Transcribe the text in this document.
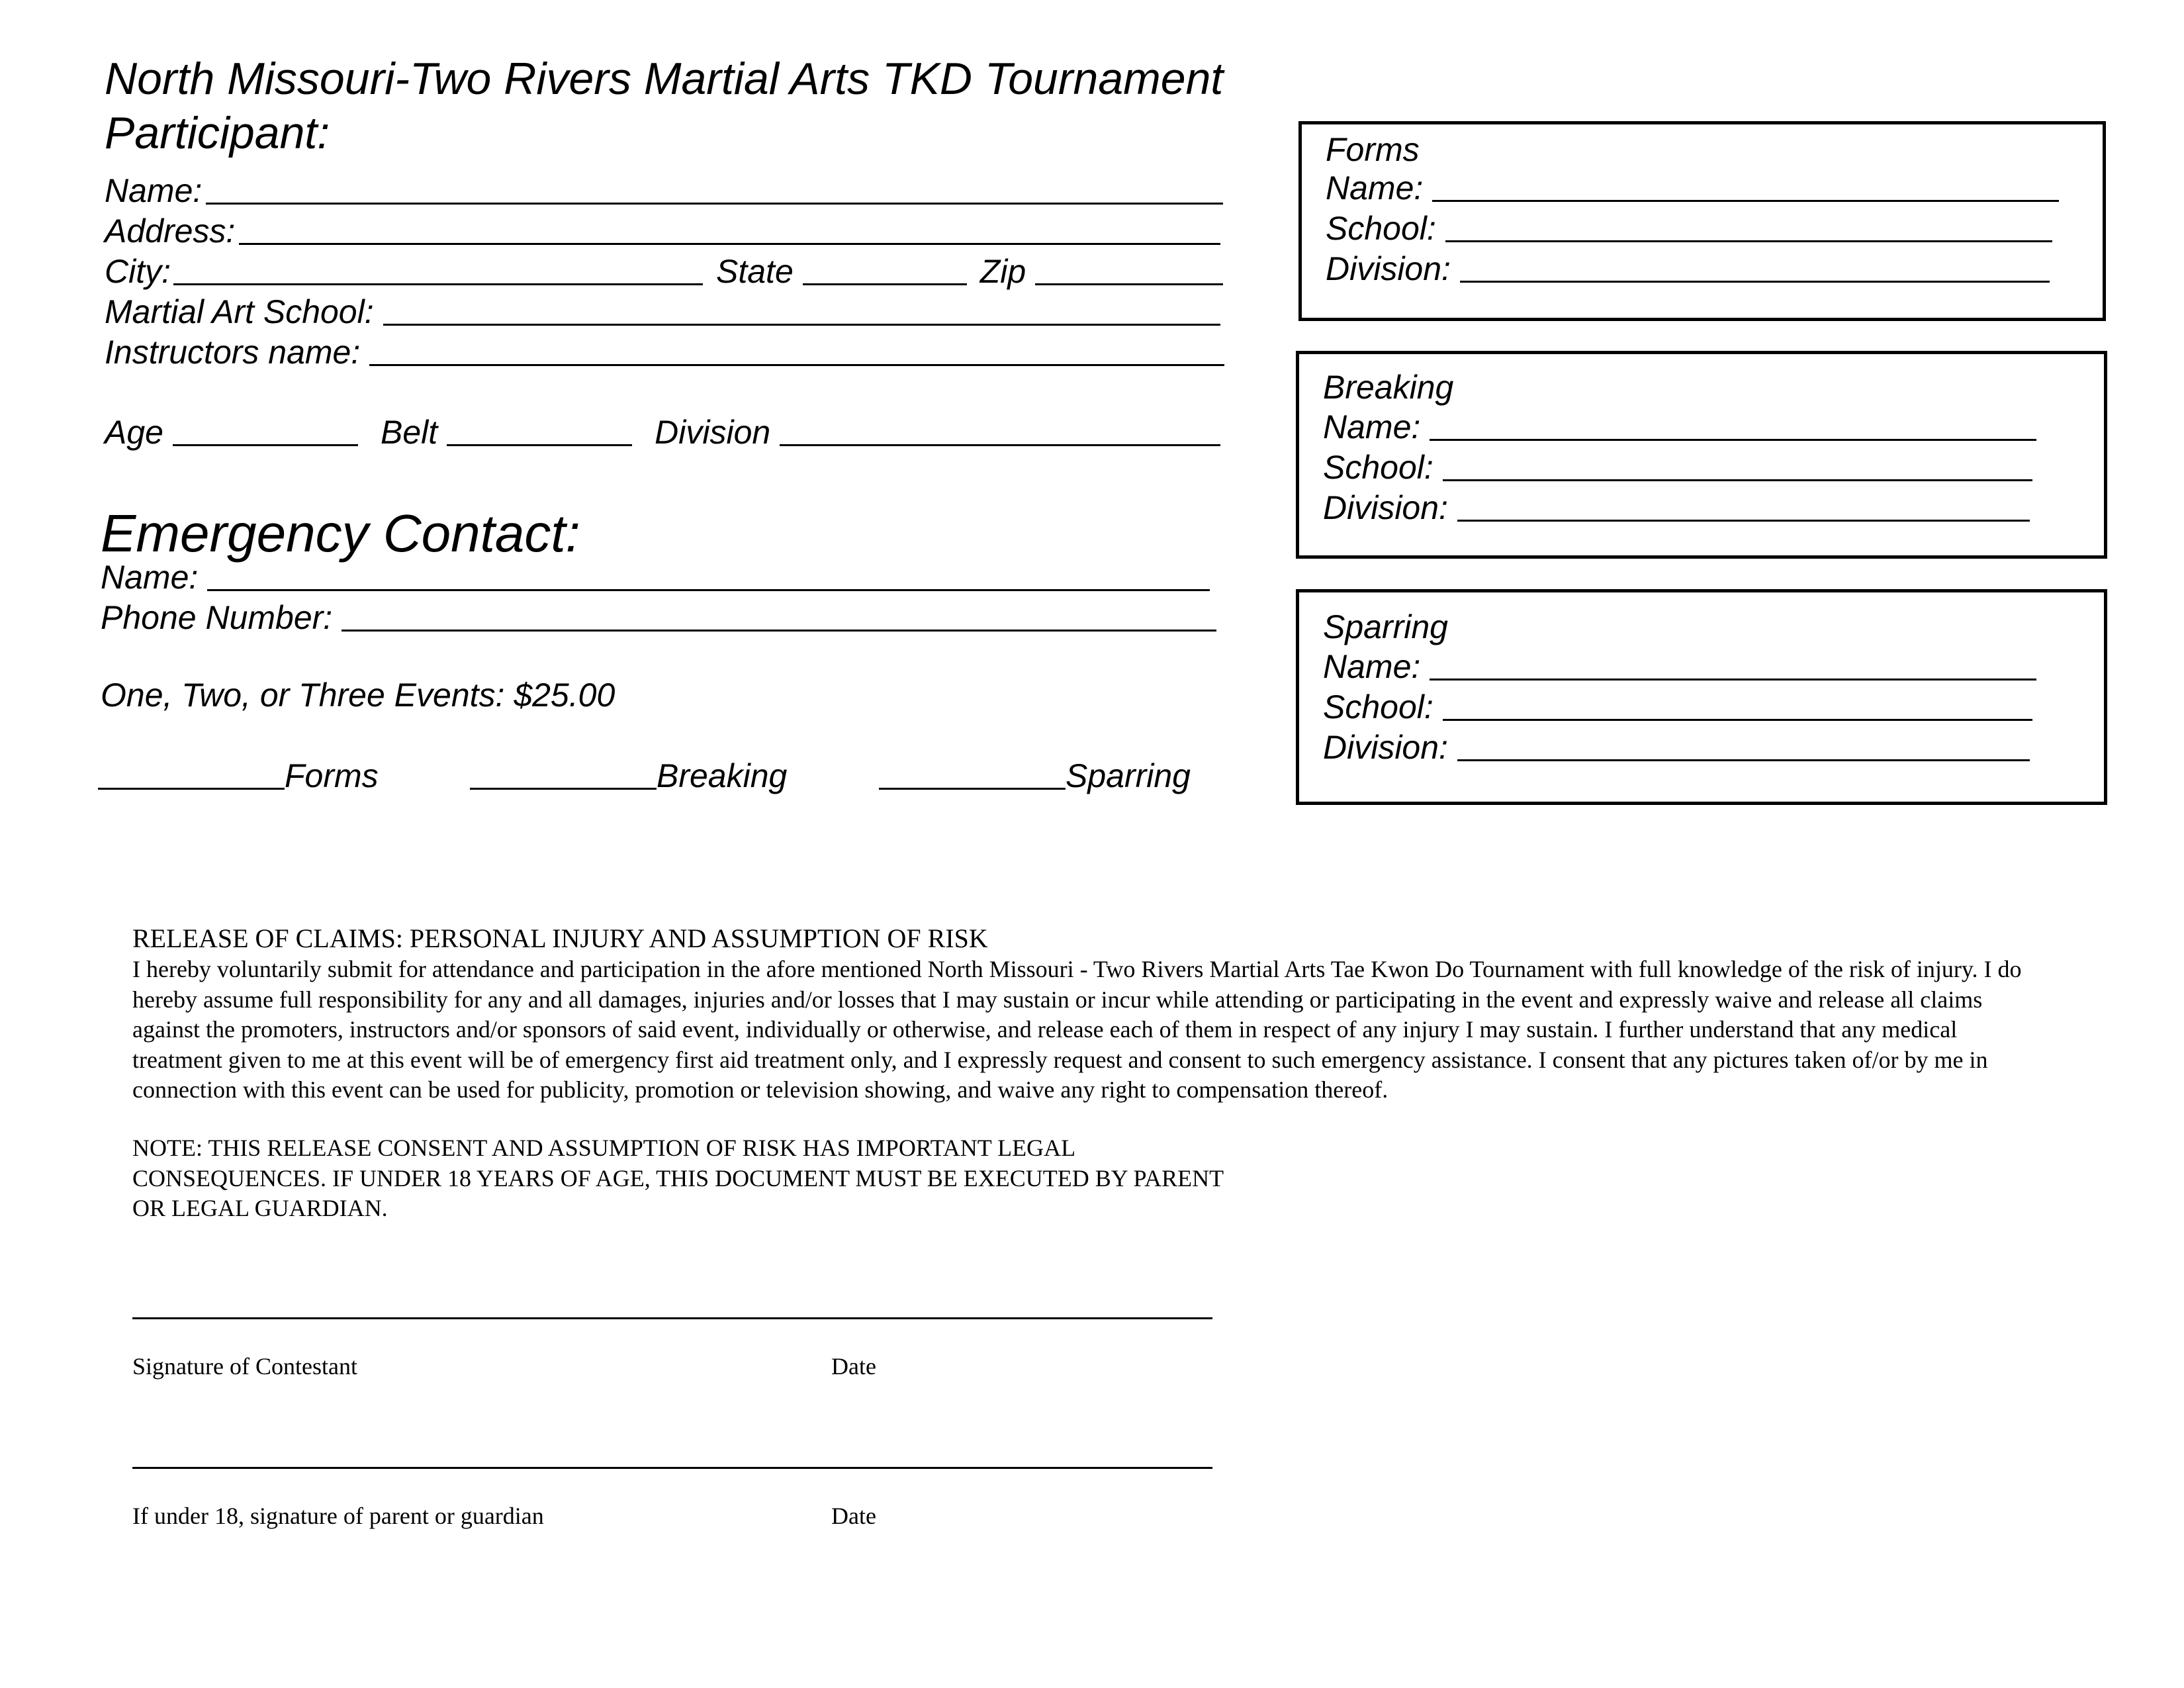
North Missouri-Two Rivers Martial Arts TKD Tournament
Participant:
Name:
Address:
City:	State	Zip
Martial Art School:
Instructors name:
Age	Belt	Division
Emergency Contact:
Name:
Phone Number:
One, Two, or Three Events: $25.00
Forms	Breaking	Sparring
Forms
Name:
School:
Division:
Breaking
Name:
School:
Division:
Sparring
Name:
School:
Division:
RELEASE OF CLAIMS: PERSONAL INJURY AND ASSUMPTION OF RISK
I hereby voluntarily submit for attendance and participation in the afore mentioned North Missouri - Two Rivers Martial Arts Tae Kwon Do Tournament with full knowledge of the risk of injury. I do hereby assume full responsibility for any and all damages, injuries and/or losses that I may sustain or incur while attending or participating in the event and expressly waive and release all claims against the promoters, instructors and/or sponsors of said event, individually or otherwise, and release each of them in respect of any injury I may sustain. I further understand that any medical treatment given to me at this event will be of emergency first aid treatment only, and I expressly request and consent to such emergency assistance. I consent that any pictures taken of/or by me in connection with this event can be used for publicity, promotion or television showing, and waive any right to compensation thereof.
NOTE: THIS RELEASE CONSENT AND ASSUMPTION OF RISK HAS IMPORTANT LEGAL CONSEQUENCES. IF UNDER 18 YEARS OF AGE, THIS DOCUMENT MUST BE EXECUTED BY PARENT OR LEGAL GUARDIAN.
Signature of Contestant	Date
If under 18, signature of parent or guardian	Date
